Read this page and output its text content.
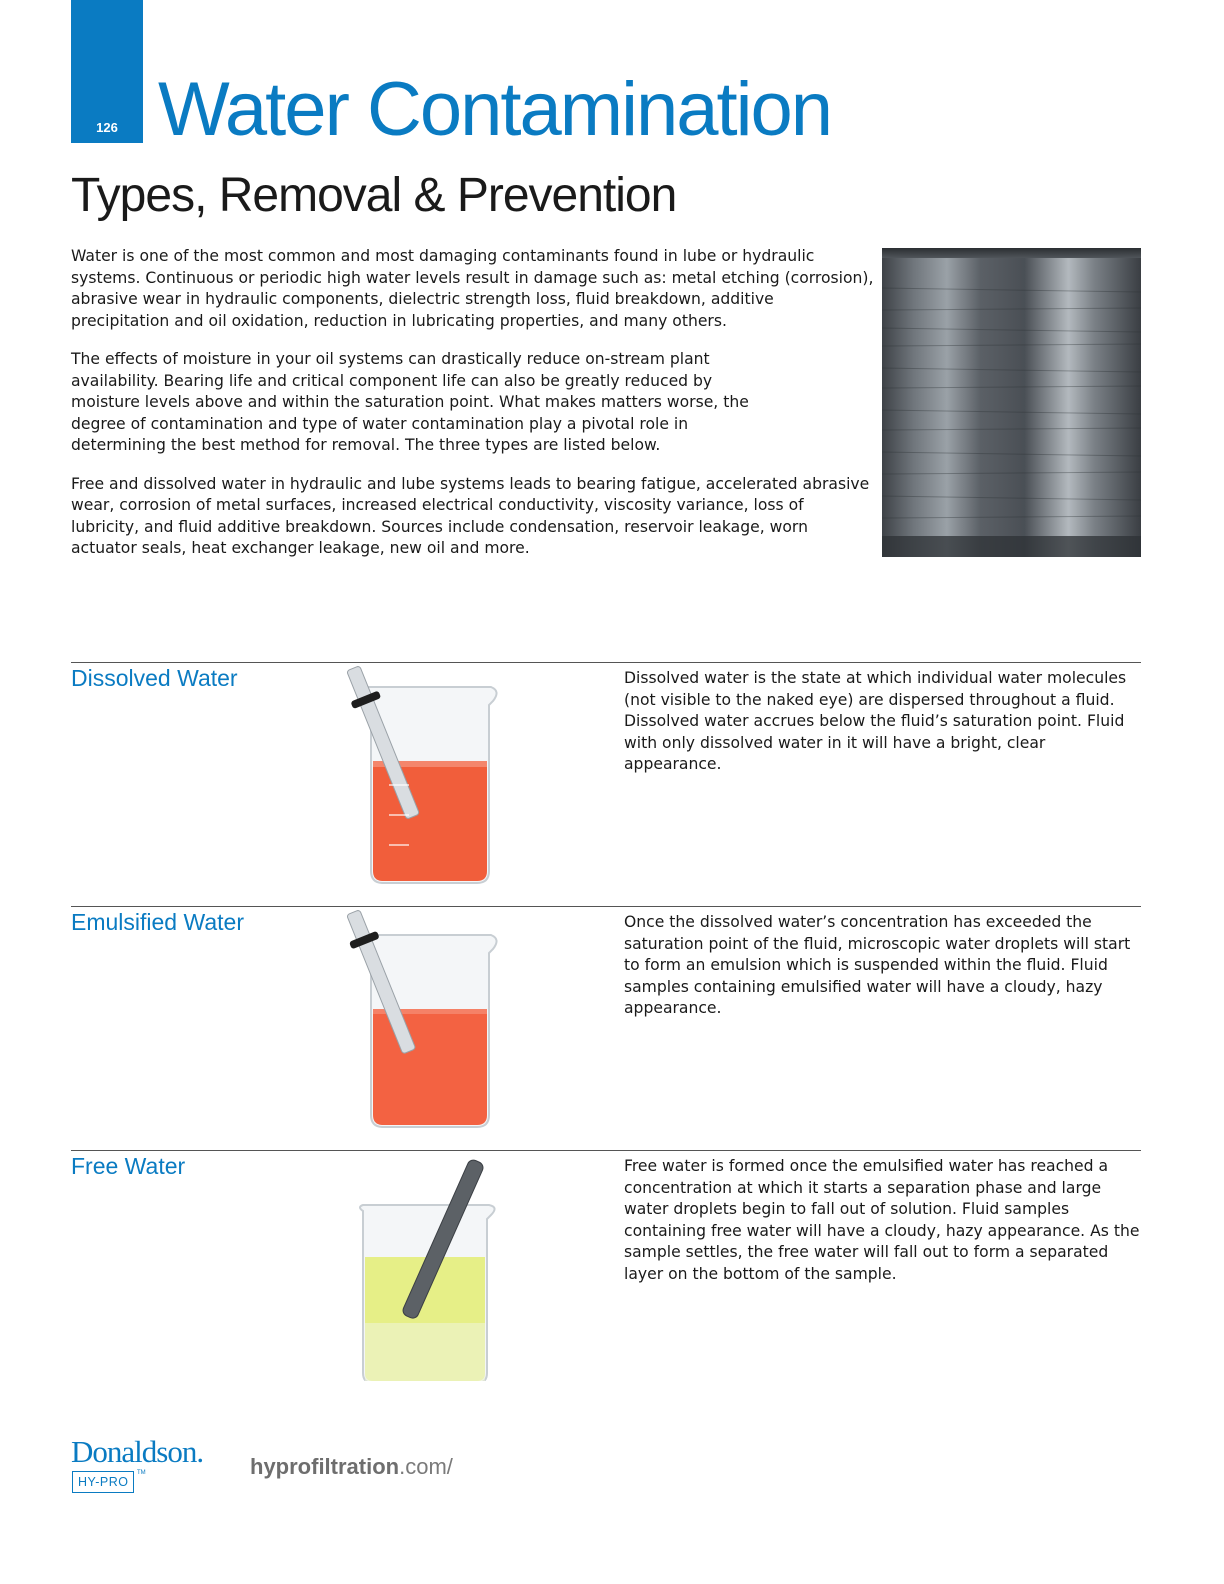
126 Water Contamination
Types, Removal & Prevention

Water is one of the most common and most damaging contaminants found in lube or hydraulic systems. Continuous or periodic high water levels result in damage such as: metal etching (corrosion), abrasive wear in hydraulic components, dielectric strength loss, fluid breakdown, additive precipitation and oil oxidation, reduction in lubricating properties, and many others.

The effects of moisture in your oil systems can drastically reduce on-stream plant availability. Bearing life and critical component life can also be greatly reduced by moisture levels above and within the saturation point. What makes matters worse, the degree of contamination and type of water contamination play a pivotal role in determining the best method for removal. The three types are listed below.

Free and dissolved water in hydraulic and lube systems leads to bearing fatigue, accelerated abrasive wear, corrosion of metal surfaces, increased electrical conductivity, viscosity variance, loss of lubricity, and fluid additive breakdown. Sources include condensation, reservoir leakage, worn actuator seals, heat exchanger leakage, new oil and more.

Dissolved Water	Dissolved water is the state at which individual water molecules (not visible to the naked eye) are dispersed throughout a fluid. Dissolved water accrues below the fluid’s saturation point. Fluid with only dissolved water in it will have a bright, clear appearance.

Emulsified Water	Once the dissolved water’s concentration has exceeded the saturation point of the fluid, microscopic water droplets will start to form an emulsion which is suspended within the fluid. Fluid samples containing emulsified water will have a cloudy, hazy appearance.

Free Water	Free water is formed once the emulsified water has reached a concentration at which it starts a separation phase and large water droplets begin to fall out of solution. Fluid samples containing free water will have a cloudy, hazy appearance. As the sample settles, the free water will fall out to form a separated layer on the bottom of the sample.

Donaldson.
HY-PRO
TM	hyprofiltration.com/
